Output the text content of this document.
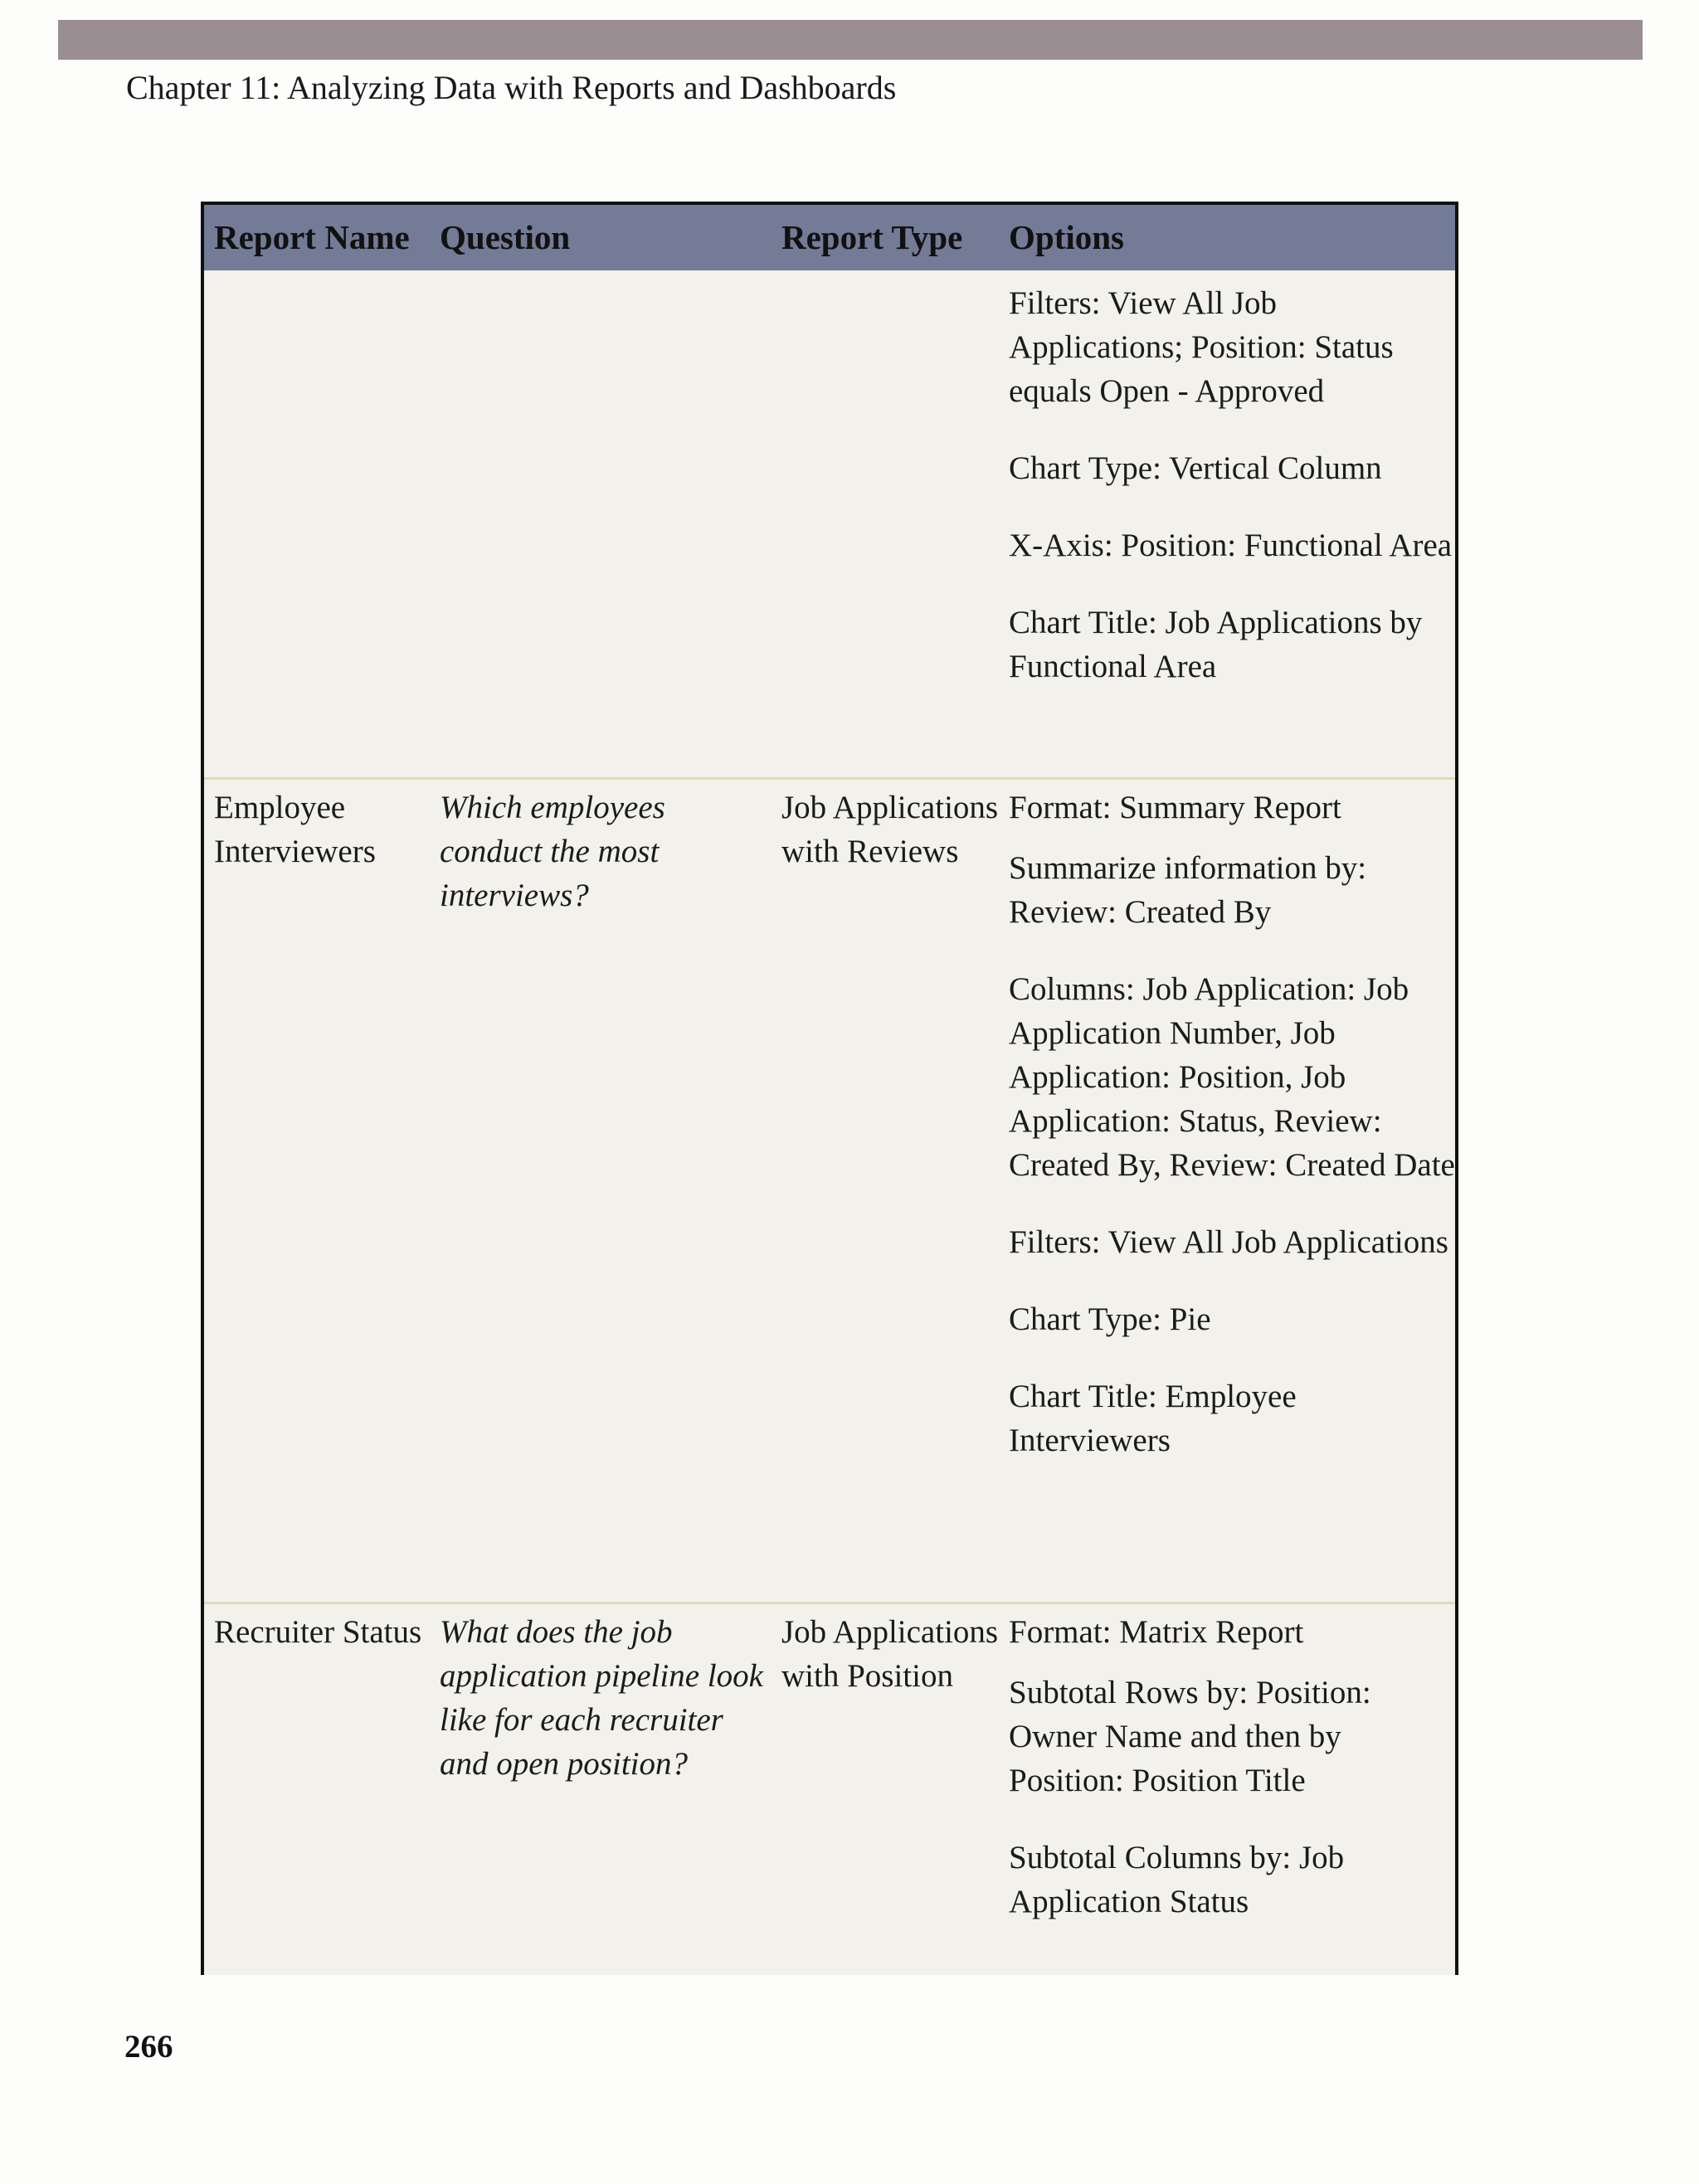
Chapter 11: Analyzing Data with Reports and Dashboards
Report Name Question	Report Type Options
Filters: View All Job Applications; Position: Status equals Open - Approved
Chart Type: Vertical Column
X-Axis: Position: Functional Area
Chart Title: Job Applications by Functional Area
Employee Interviewers
Which employees conduct the most interviews?
Job Applications with Reviews
Format: Summary Report
Summarize information by: Review: Created By
Columns: Job Application: Job Application Number, Job Application: Position, Job Application: Status, Review: Created By, Review: Created Date
Filters: View All Job Applications
Chart Type: Pie
Chart Title: Employee Interviewers
Recruiter Status What does the job application pipeline look like for each recruiter and open position?
Job Applications with Position
Format: Matrix Report
Subtotal Rows by: Position: Owner Name and then by Position: Position Title
Subtotal Columns by: Job Application Status
266
